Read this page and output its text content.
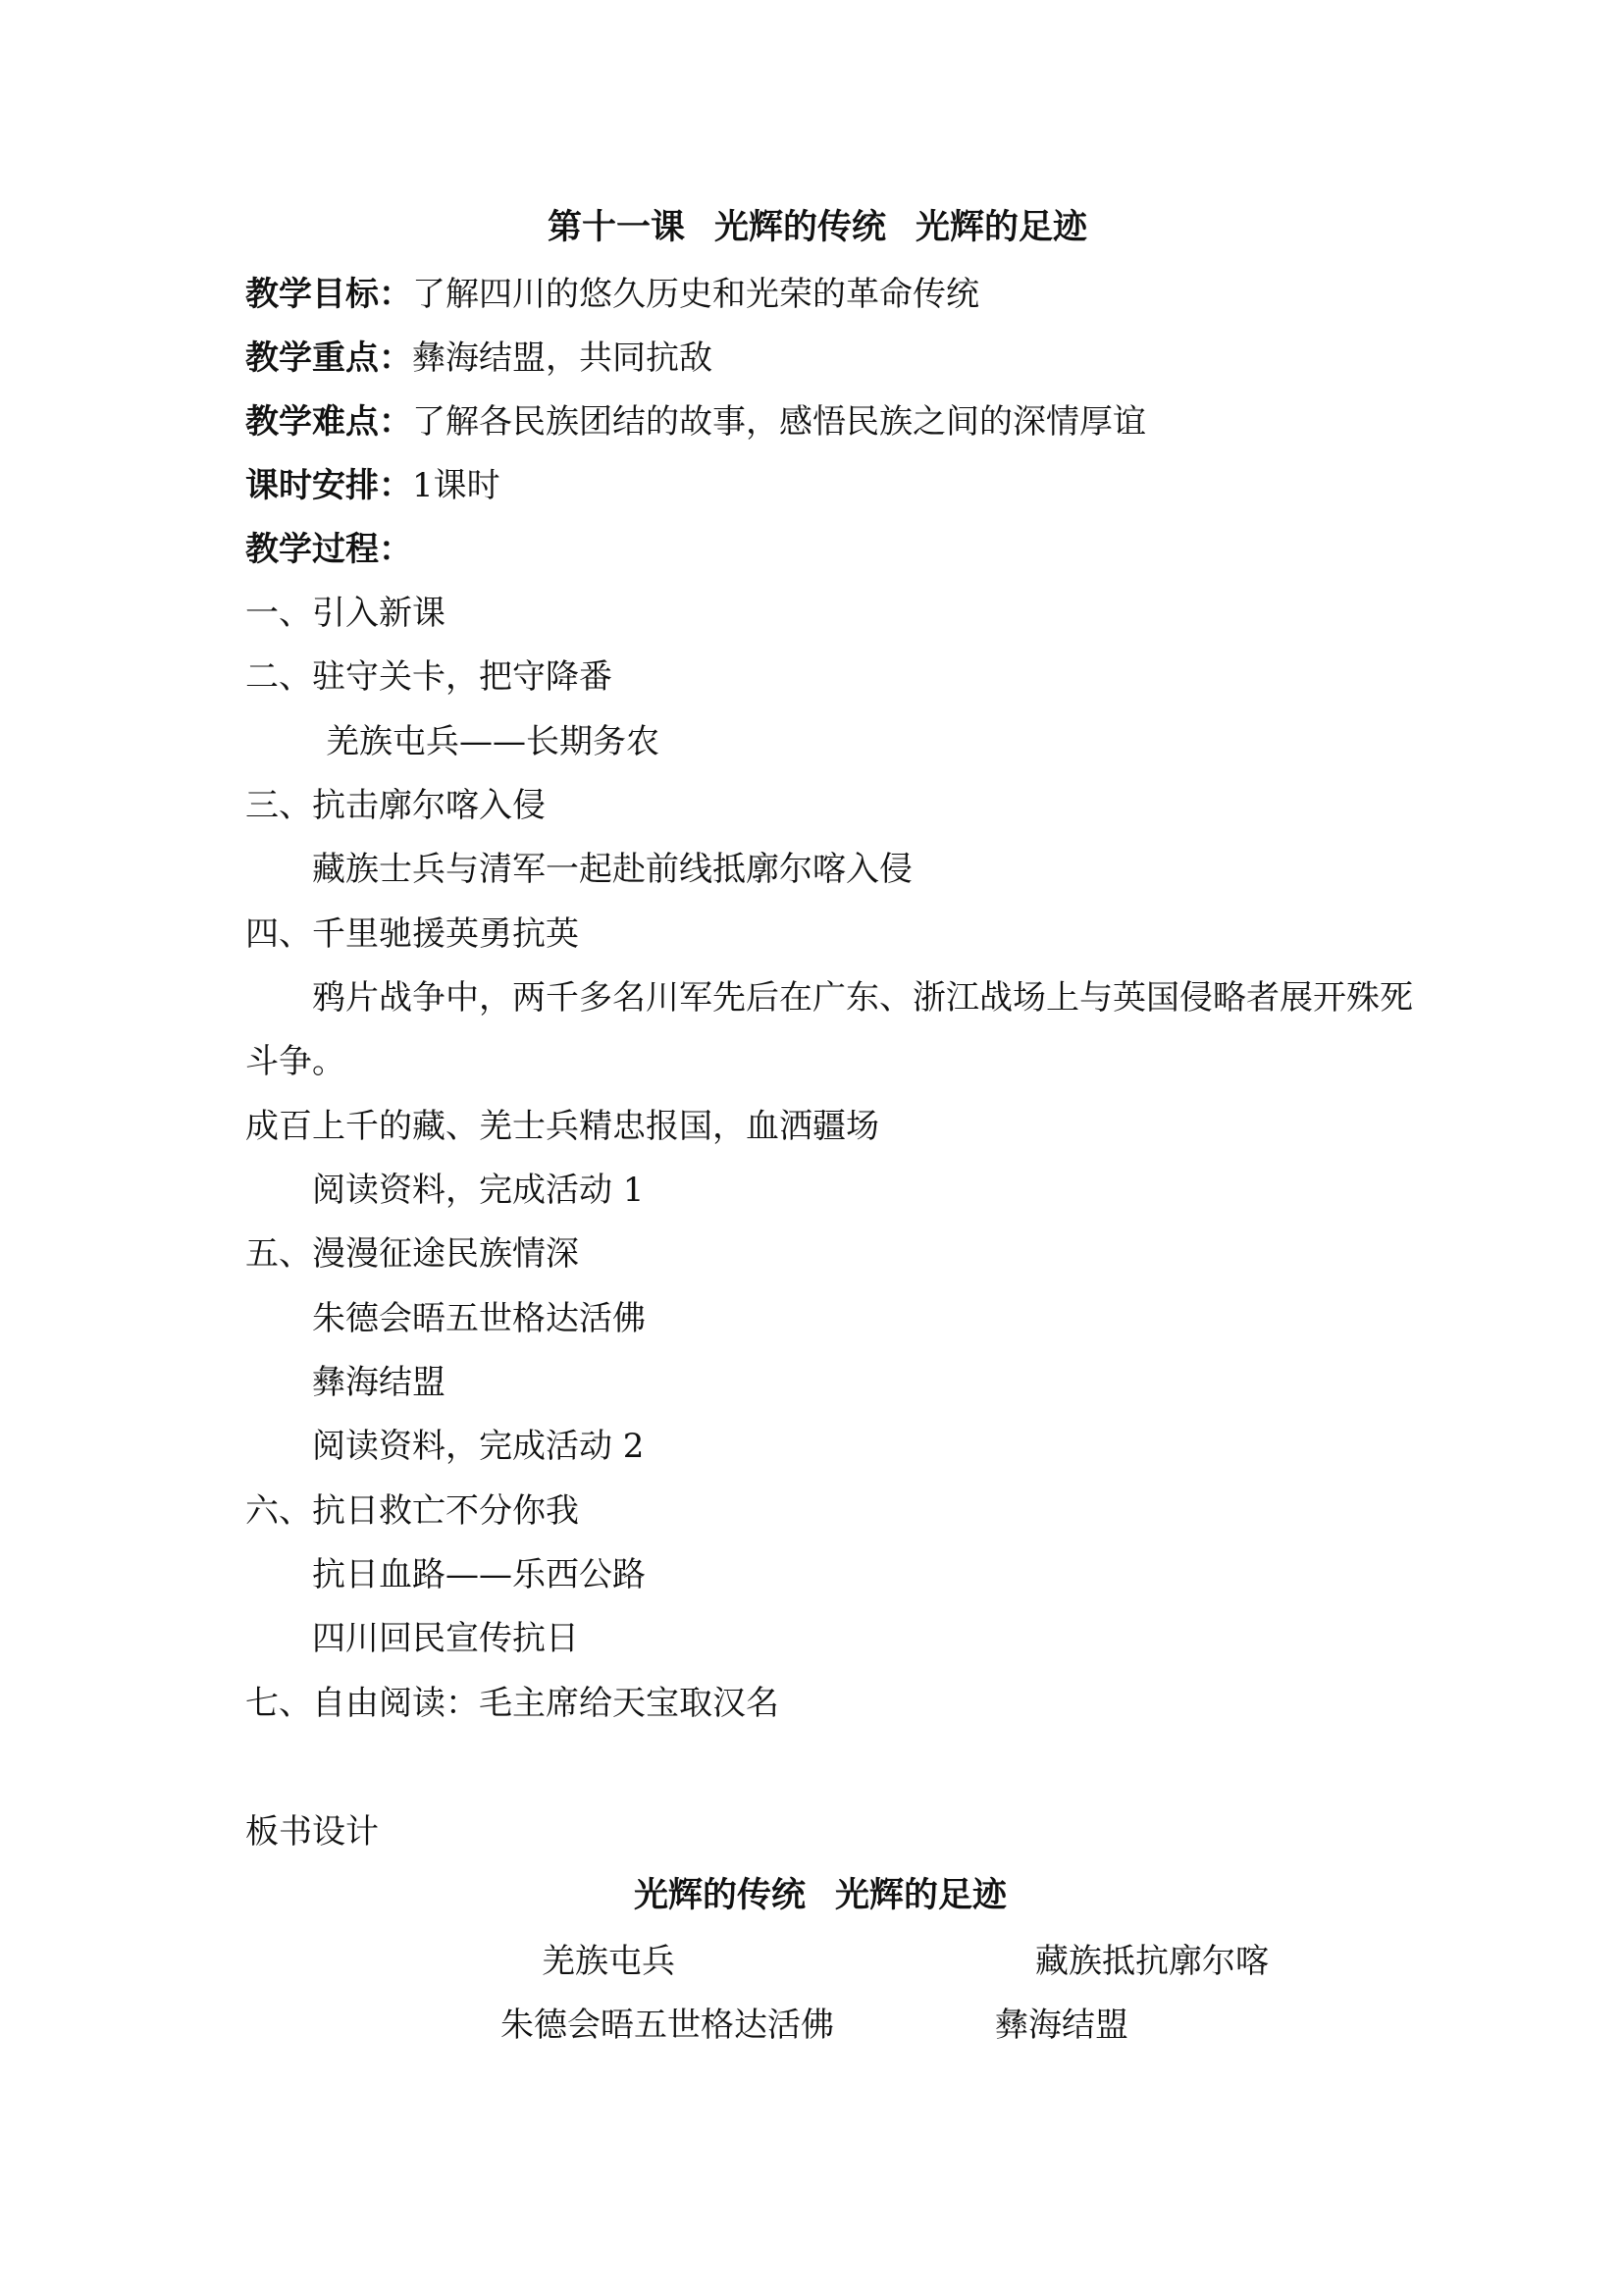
第十一课 光辉的传统 光辉的足迹
教学目标：了解四川的悠久历史和光荣的革命传统
教学重点：彝海结盟，共同抗敌
教学难点：了解各民族团结的故事，感悟民族之间的深情厚谊
课时安排：1课时
教学过程：
一、引入新课
二、驻守关卡，把守降番
羌族屯兵——长期务农
三、抗击廓尔喀入侵
藏族士兵与清军一起赴前线抵廓尔喀入侵
四、千里驰援英勇抗英
鸦片战争中，两千多名川军先后在广东、浙江战场上与英国侵略者展开殊死
斗争。
成百上千的藏、羌士兵精忠报国，血洒疆场
阅读资料，完成活动 1
五、漫漫征途民族情深
朱德会晤五世格达活佛
彝海结盟
阅读资料，完成活动 2
六、抗日救亡不分你我
抗日血路——乐西公路
四川回民宣传抗日
七、自由阅读：毛主席给天宝取汉名
板书设计
光辉的传统 光辉的足迹
羌族屯兵	藏族抵抗廓尔喀
朱德会晤五世格达活佛	彝海结盟
